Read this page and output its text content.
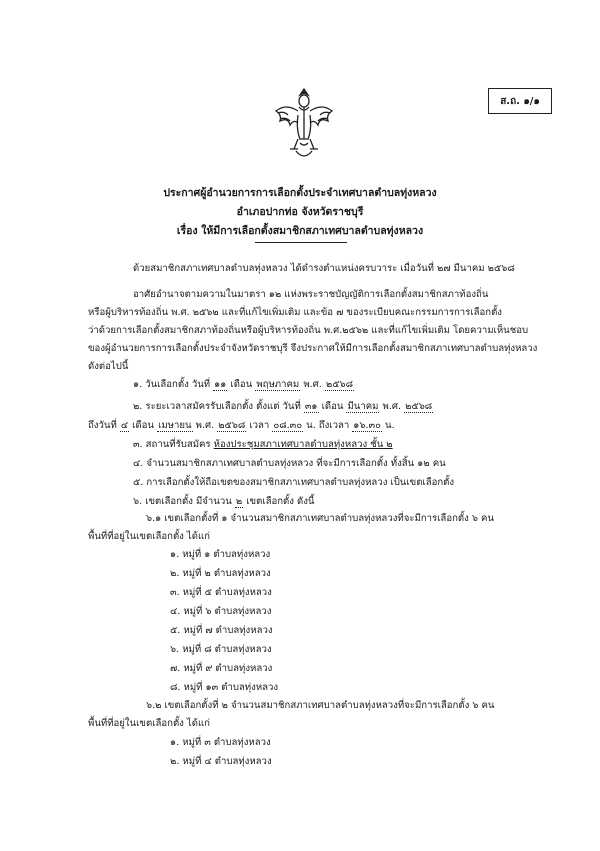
ส.ถ. ๑/๑
ประกาศผู้อำนวยการการเลือกตั้งประจำเทศบาลตำบลทุ่งหลวง
อำเภอปากท่อ จังหวัดราชบุรี
เรื่อง ให้มีการเลือกตั้งสมาชิกสภาเทศบาลตำบลทุ่งหลวง
ด้วยสมาชิกสภาเทศบาลตำบลทุ่งหลวง ได้ดำรงตำแหน่งครบวาระ เมื่อวันที่ ๒๗ มีนาคม ๒๕๖๘
อาศัยอำนาจตามความในมาตรา ๑๒ แห่งพระราชบัญญัติการเลือกตั้งสมาชิกสภาท้องถิ่น
หรือผู้บริหารท้องถิ่น พ.ศ. ๒๕๖๒ และที่แก้ไขเพิ่มเติม และข้อ ๗ ของระเบียบคณะกรรมการการเลือกตั้ง
ว่าด้วยการเลือกตั้งสมาชิกสภาท้องถิ่นหรือผู้บริหารท้องถิ่น พ.ศ.๒๕๖๒ และที่แก้ไขเพิ่มเติม โดยความเห็นชอบ
ของผู้อำนวยการการเลือกตั้งประจำจังหวัดราชบุรี จึงประกาศให้มีการเลือกตั้งสมาชิกสภาเทศบาลตำบลทุ่งหลวง
ดังต่อไปนี้
๑. วันเลือกตั้ง วันที่ ๑๑ เดือน พฤษภาคม พ.ศ. ๒๕๖๘
๒. ระยะเวลาสมัครรับเลือกตั้ง ตั้งแต่ วันที่ ๓๑ เดือน มีนาคม พ.ศ. ๒๕๖๘
ถึงวันที่ ๔ เดือน เมษายน พ.ศ. ๒๕๖๘ เวลา ๐๘.๓๐ น. ถึงเวลา ๑๖.๓๐ น.
๓. สถานที่รับสมัคร ห้องประชุมสภาเทศบาลตำบลทุ่งหลวง ชั้น ๒
๔. จำนวนสมาชิกสภาเทศบาลตำบลทุ่งหลวง ที่จะมีการเลือกตั้ง ทั้งสิ้น ๑๒ คน
๕. การเลือกตั้งให้ถือเขตของสมาชิกสภาเทศบาลตำบลทุ่งหลวง เป็นเขตเลือกตั้ง
๖. เขตเลือกตั้ง มีจำนวน ๒ เขตเลือกตั้ง ดังนี้
๖.๑ เขตเลือกตั้งที่ ๑ จำนวนสมาชิกสภาเทศบาลตำบลทุ่งหลวงที่จะมีการเลือกตั้ง ๖ คน
พื้นที่ที่อยู่ในเขตเลือกตั้ง ได้แก่
๑. หมู่ที่ ๑ ตำบลทุ่งหลวง
๒. หมู่ที่ ๒ ตำบลทุ่งหลวง
๓. หมู่ที่ ๕ ตำบลทุ่งหลวง
๔. หมู่ที่ ๖ ตำบลทุ่งหลวง
๕. หมู่ที่ ๗ ตำบลทุ่งหลวง
๖. หมู่ที่ ๘ ตำบลทุ่งหลวง
๗. หมู่ที่ ๙ ตำบลทุ่งหลวง
๘. หมู่ที่ ๑๓ ตำบลทุ่งหลวง
๖.๒ เขตเลือกตั้งที่ ๒ จำนวนสมาชิกสภาเทศบาลตำบลทุ่งหลวงที่จะมีการเลือกตั้ง ๖ คน
พื้นที่ที่อยู่ในเขตเลือกตั้ง ได้แก่
๑. หมู่ที่ ๓ ตำบลทุ่งหลวง
๒. หมู่ที่ ๔ ตำบลทุ่งหลวง
